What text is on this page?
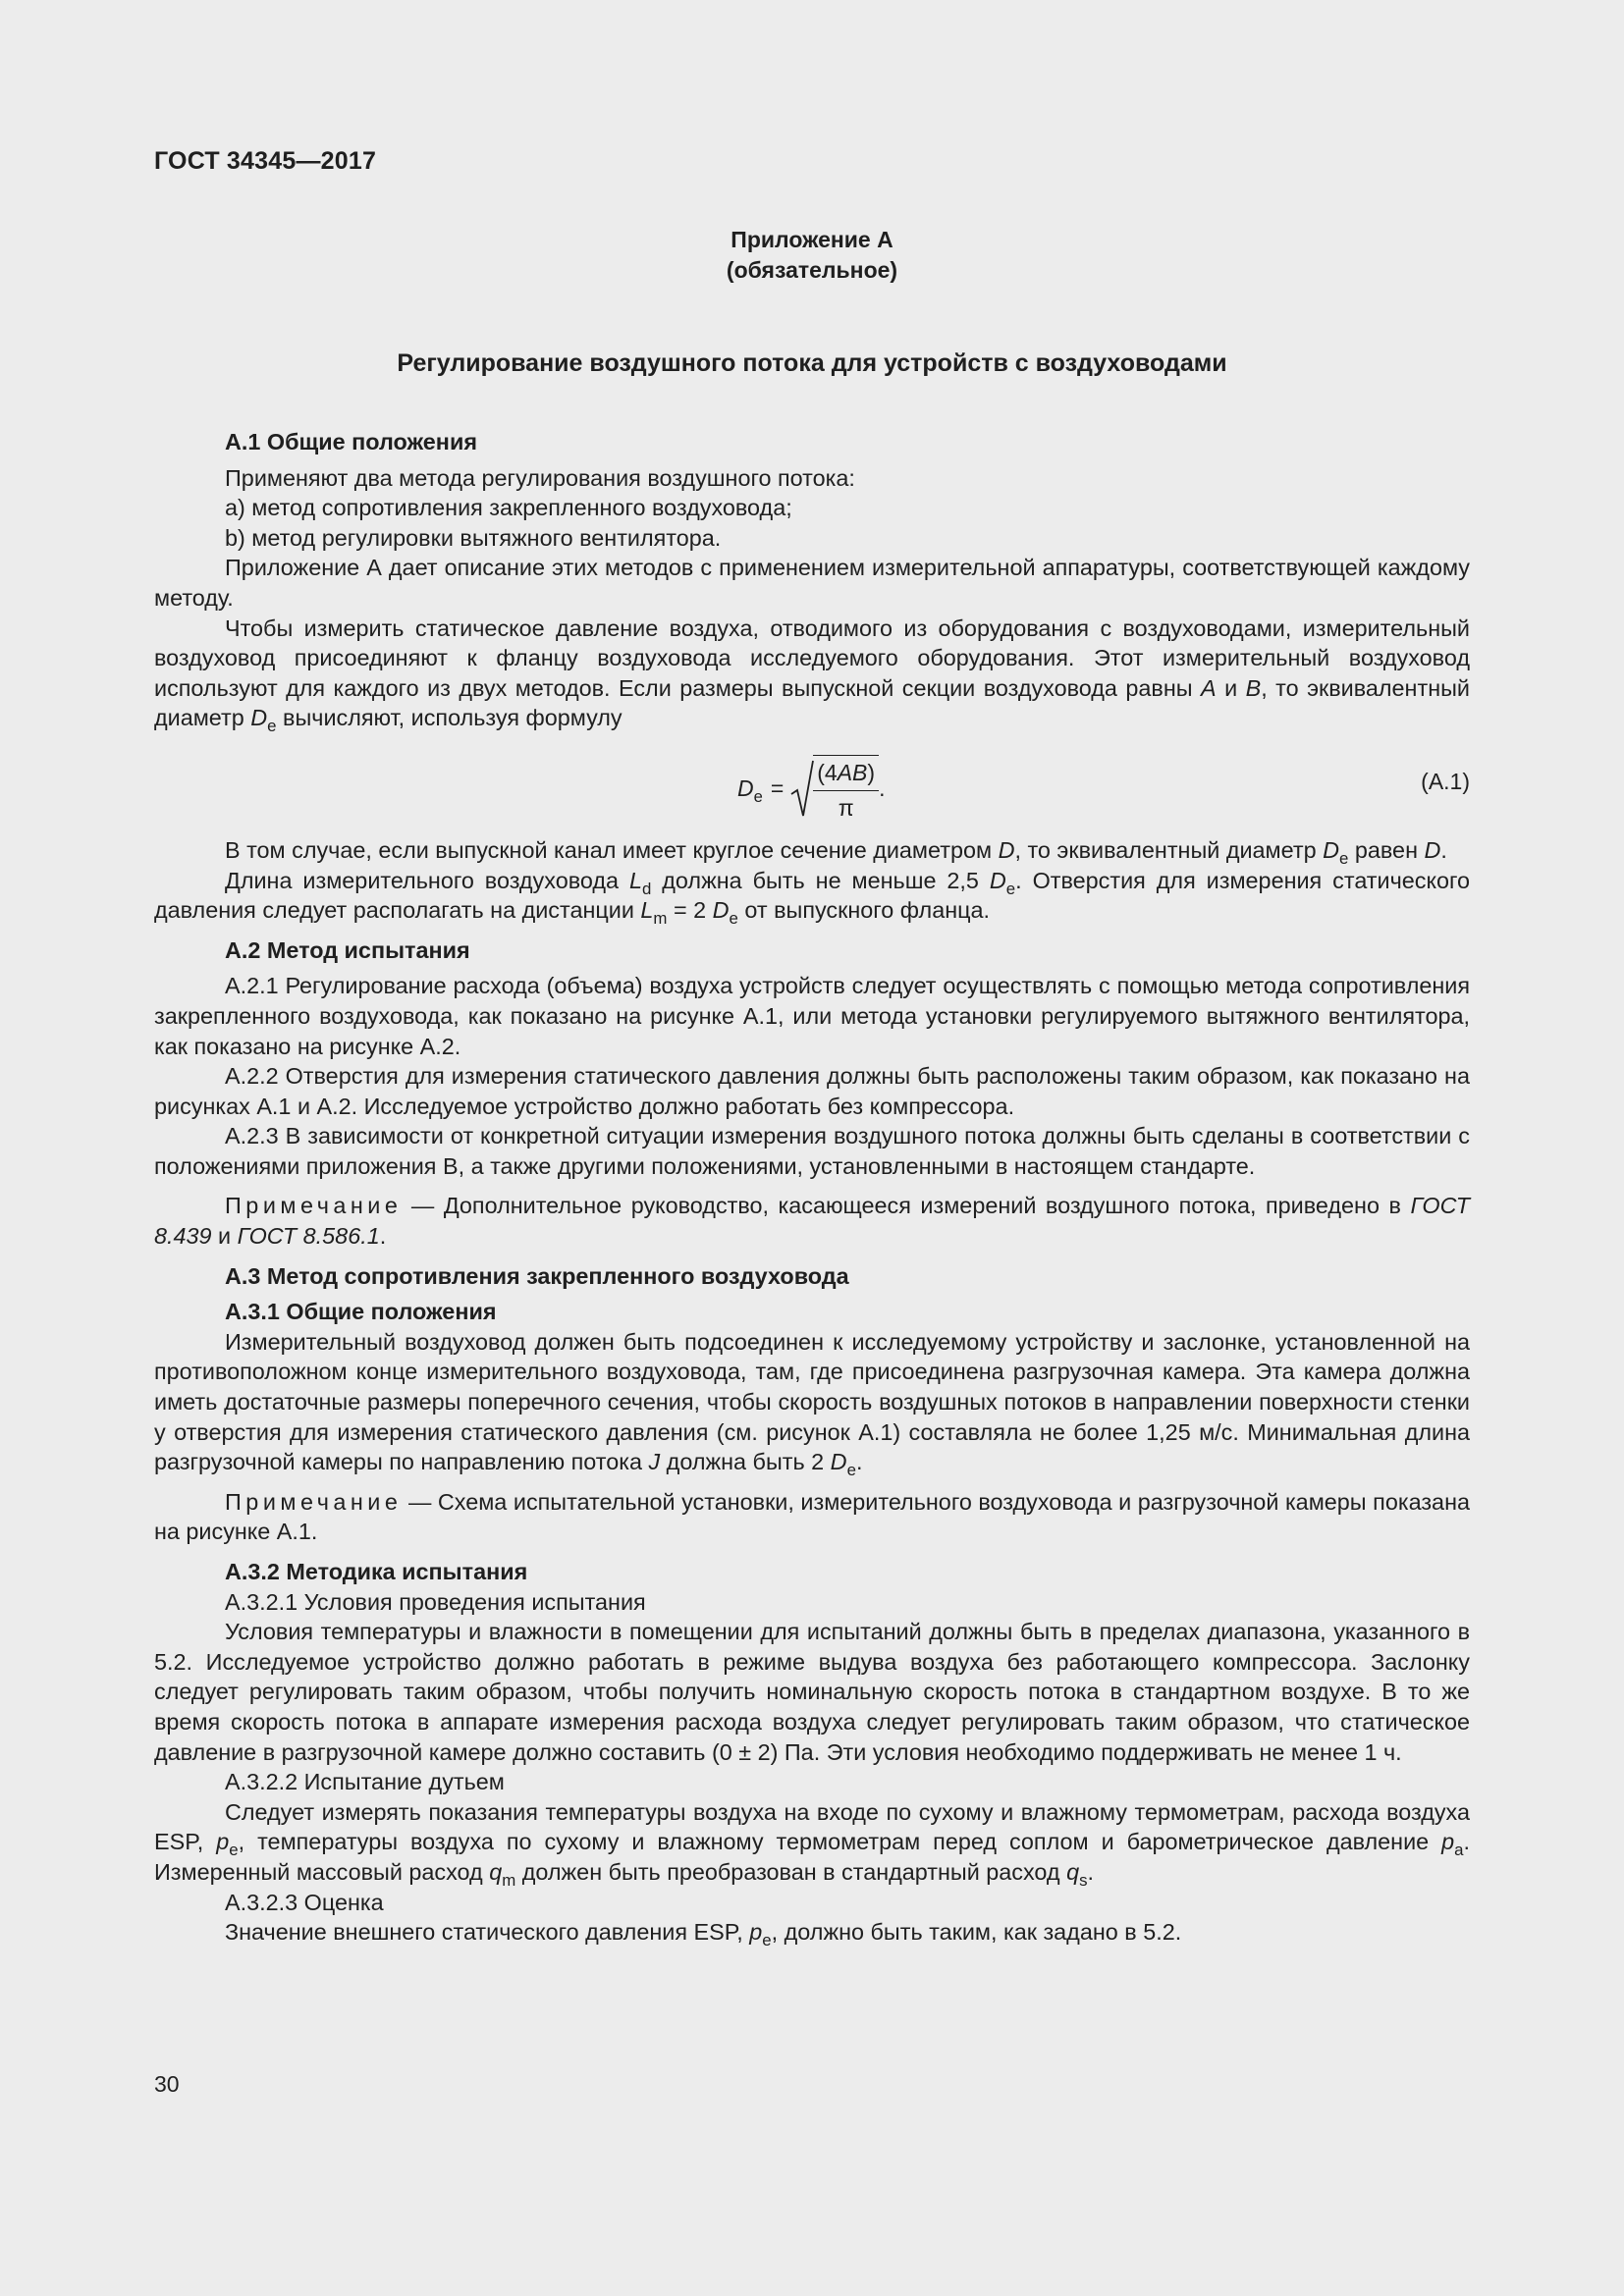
ГОСТ 34345—2017
Приложение А
(обязательное)
Регулирование воздушного потока для устройств с воздуховодами

А.1 Общие положения

Применяют два метода регулирования воздушного потока:

a) метод сопротивления закрепленного воздуховода;

b) метод регулировки вытяжного вентилятора.

Приложение А дает описание этих методов с применением измерительной аппаратуры, соответствующей каждому методу.

Чтобы измерить статическое давление воздуха, отводимого из оборудования с воздуховодами, измерительный воздуховод присоединяют к фланцу воздуховода исследуемого оборудования. Этот измерительный воздуховод используют для каждого из двух методов. Если размеры выпускной секции воздуховода равны A и B, то эквивалентный диаметр $D_e$ вычисляют, используя формулу

$D_e = \frac{(4AB)}{\pi}$ .	(А.1)

В том случае, если выпускной канал имеет круглое сечение диаметром D, то эквивалентный диаметр $D_e$ равен D.

Длина измерительного воздуховода $L_d$ должна быть не меньше 2,5 $D_e$. Отверстия для измерения статического давления следует располагать на дистанции $L_m = 2$ $D_e$ от выпускного фланца.

А.2 Метод испытания

А.2.1 Регулирование расхода (объема) воздуха устройств следует осуществлять с помощью метода сопротивления закрепленного воздуховода, как показано на рисунке А.1, или метода установки регулируемого вытяжного вентилятора, как показано на рисунке А.2.

А.2.2 Отверстия для измерения статического давления должны быть расположены таким образом, как показано на рисунках А.1 и А.2. Исследуемое устройство должно работать без компрессора.

А.2.3 В зависимости от конкретной ситуации измерения воздушного потока должны быть сделаны в соответствии с положениями приложения В, а также другими положениями, установленными в настоящем стандарте.

Примечание — Дополнительное руководство, касающееся измерений воздушного потока, приведено в ГОСТ 8.439 и ГОСТ 8.586.1.

А.3 Метод сопротивления закрепленного воздуховода

А.3.1 Общие положения

Измерительный воздуховод должен быть подсоединен к исследуемому устройству и заслонке, установленной на противоположном конце измерительного воздуховода, там, где присоединена разгрузочная камера. Эта камера должна иметь достаточные размеры поперечного сечения, чтобы скорость воздушных потоков в направлении поверхности стенки у отверстия для измерения статического давления (см. рисунок А.1) составляла не более 1,25 м/с. Минимальная длина разгрузочной камеры по направлению потока J должна быть 2 $D_e$.

Примечание — Схема испытательной установки, измерительного воздуховода и разгрузочной камеры показана на рисунке А.1.

А.3.2 Методика испытания

А.3.2.1 Условия проведения испытания

Условия температуры и влажности в помещении для испытаний должны быть в пределах диапазона, указанного в 5.2. Исследуемое устройство должно работать в режиме выдува воздуха без работающего компрессора. Заслонку следует регулировать таким образом, чтобы получить номинальную скорость потока в стандартном воздухе. В то же время скорость потока в аппарате измерения расхода воздуха следует регулировать таким образом, что статическое давление в разгрузочной камере должно составить (0 ± 2) Па. Эти условия необходимо поддерживать не менее 1 ч.

А.3.2.2 Испытание дутьем

Следует измерять показания температуры воздуха на входе по сухому и влажному термометрам, расхода воздуха ESP, $p_e$, температуры воздуха по сухому и влажному термометрам перед соплом и барометрическое давление $p_a$. Измеренный массовый расход $q_m$ должен быть преобразован в стандартный расход $q_s$.

А.3.2.3 Оценка

Значение внешнего статического давления ESP, $p_e$, должно быть таким, как задано в 5.2.

30
